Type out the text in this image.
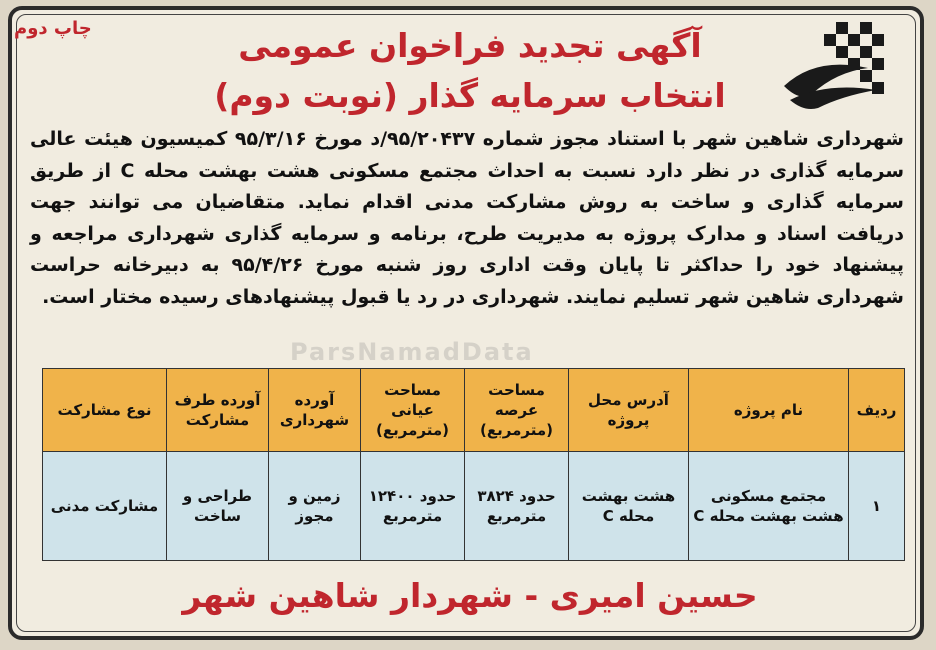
چاپ دوم	آگهی تجدید فراخوان عمومی
انتخاب سرمایه گذار (نوبت دوم)
شهرداری شاهین شهر با استناد مجوز شماره ۹۵/۲۰۴۳۷/د مورخ ۹۵/۳/۱۶ کمیسیون هیئت عالی سرمایه گذاری در نظر دارد نسبت به احداث مجتمع مسکونی هشت بهشت محله C از طریق سرمایه گذاری و ساخت به روش مشارکت مدنی اقدام نماید. متقاضیان می توانند جهت دریافت اسناد و مدارک پروژه به مدیریت طرح، برنامه و سرمایه گذاری شهرداری مراجعه و پیشنهاد خود را حداکثر تا پایان وقت اداری روز شنبه مورخ ۹۵/۴/۲۶ به دبیرخانه حراست شهرداری شاهین شهر تسلیم نمایند. شهرداری در رد یا قبول پیشنهادهای رسیده مختار است.
ParsNamadData
ردیف	نام پروژه	آدرس محل پروژه	مساحت عرصه (مترمربع)	مساحت عیانی (مترمربع)	آورده شهرداری	آورده طرف مشارکت	نوع مشارکت
۱	مجتمع مسکونی هشت بهشت محله C	هشت بهشت محله C	حدود ۳۸۲۴ مترمربع	حدود ۱۲۴۰۰ مترمربع	زمین و مجوز	طراحی و ساخت	مشارکت مدنی
حسین امیری - شهردار شاهین شهر
